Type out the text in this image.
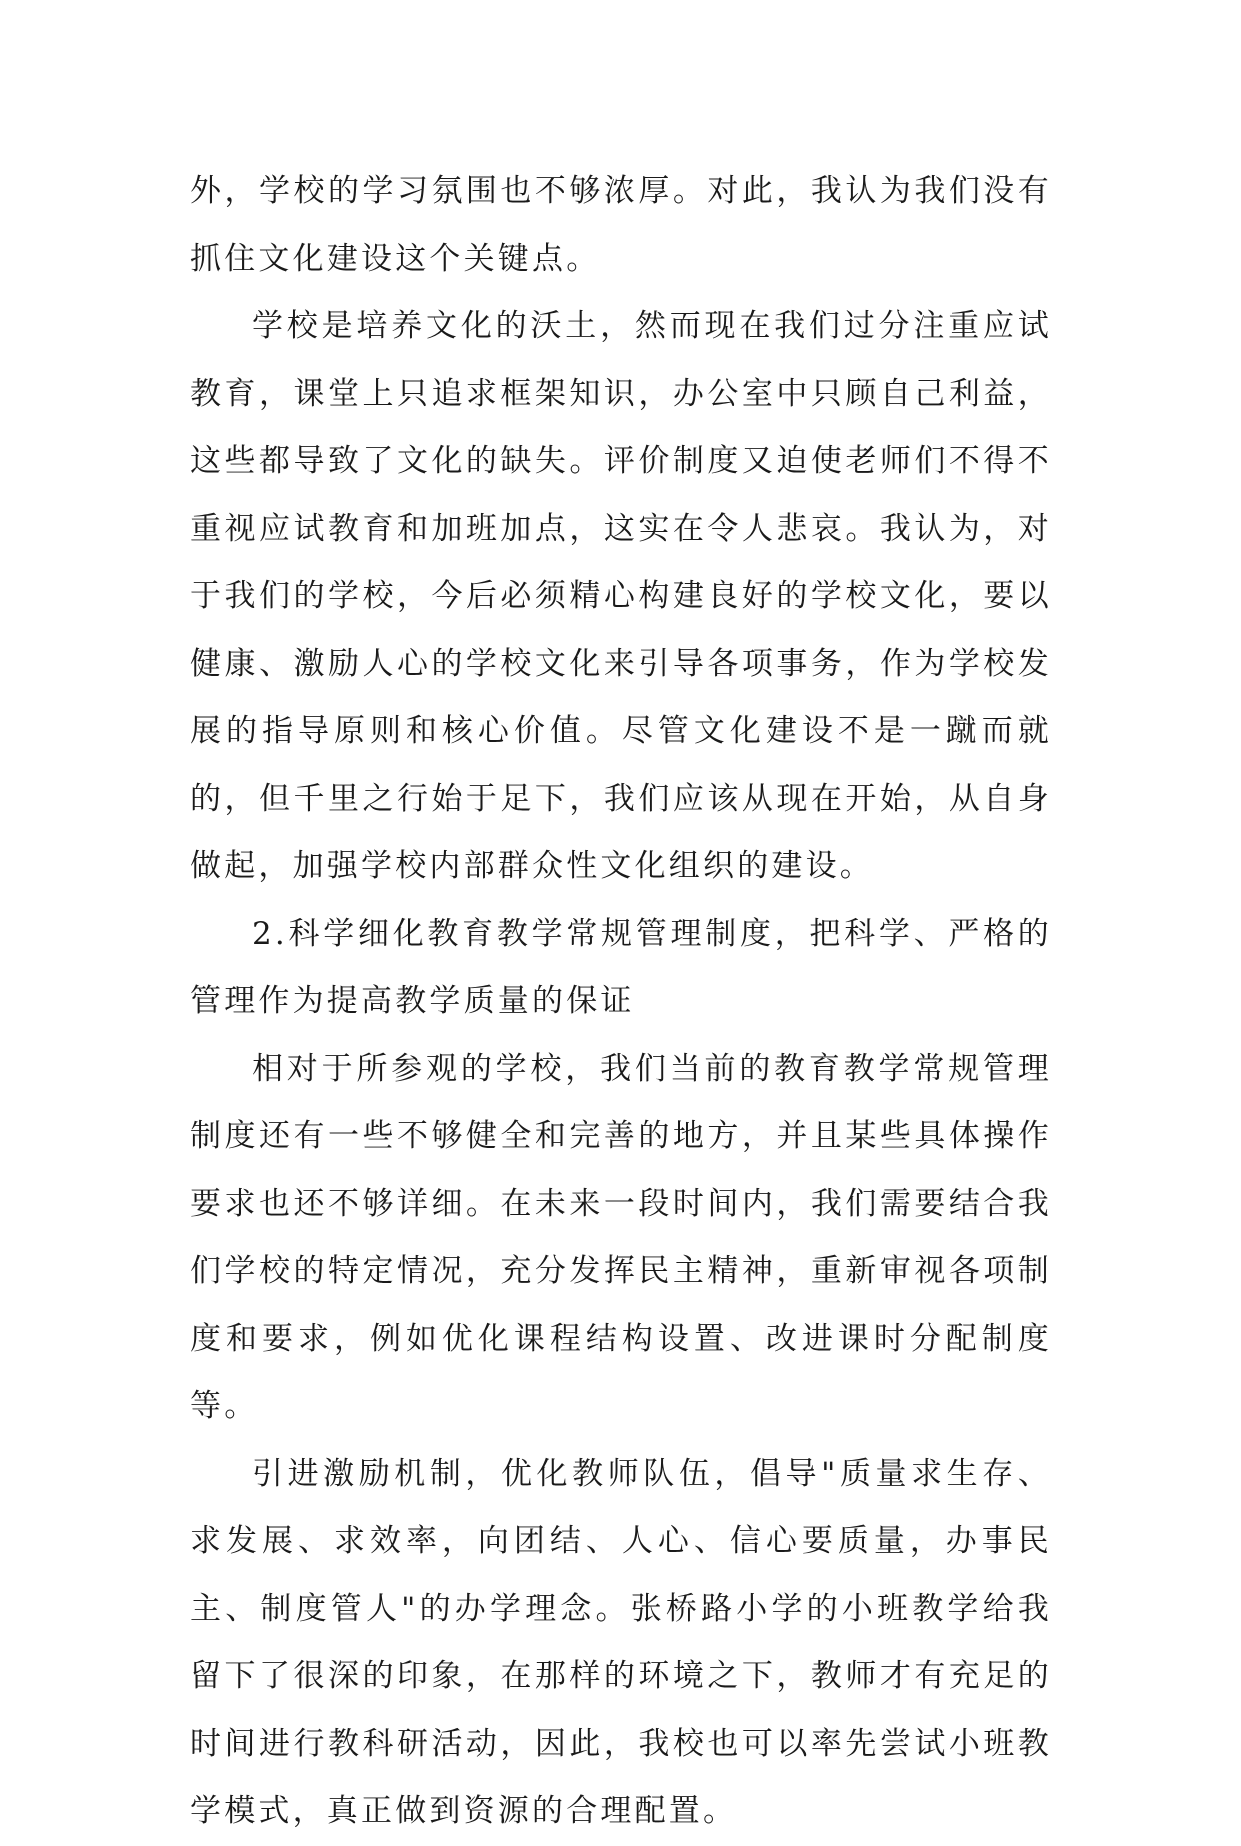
外，学校的学习氛围也不够浓厚。对此，我认为我们没有抓住文化建设这个关键点。

学校是培养文化的沃土，然而现在我们过分注重应试教育，课堂上只追求框架知识，办公室中只顾自己利益，这些都导致了文化的缺失。评价制度又迫使老师们不得不重视应试教育和加班加点，这实在令人悲哀。我认为，对于我们的学校，今后必须精心构建良好的学校文化，要以健康、激励人心的学校文化来引导各项事务，作为学校发展的指导原则和核心价值。尽管文化建设不是一蹴而就的，但千里之行始于足下，我们应该从现在开始，从自身做起，加强学校内部群众性文化组织的建设。

2.科学细化教育教学常规管理制度，把科学、严格的管理作为提高教学质量的保证

相对于所参观的学校，我们当前的教育教学常规管理制度还有一些不够健全和完善的地方，并且某些具体操作要求也还不够详细。在未来一段时间内，我们需要结合我们学校的特定情况，充分发挥民主精神，重新审视各项制度和要求，例如优化课程结构设置、改进课时分配制度等。

引进激励机制，优化教师队伍，倡导"质量求生存、求发展、求效率，向团结、人心、信心要质量，办事民主、制度管人"的办学理念。张桥路小学的小班教学给我留下了很深的印象，在那样的环境之下，教师才有充足的时间进行教科研活动，因此，我校也可以率先尝试小班教学模式，真正做到资源的合理配置。
